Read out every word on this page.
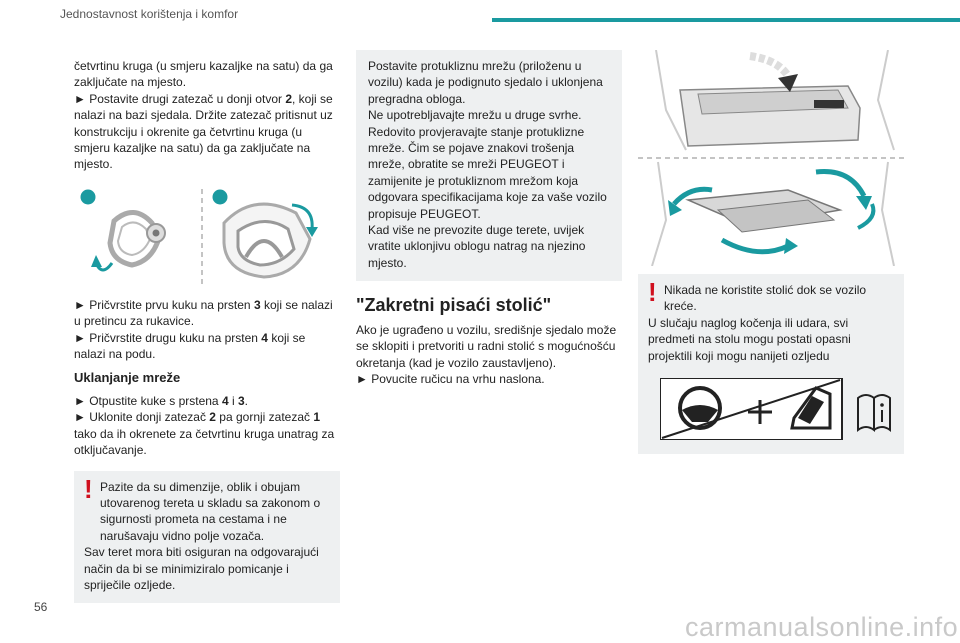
Jednostavnost korištenja i komfor

četvrtinu kruga (u smjeru kazaljke na satu) da ga zaključate na mjesto.

► Postavite drugi zatezač u donji otvor 2, koji se nalazi na bazi sjedala. Držite zatezač pritisnut uz konstrukciju i okrenite ga četvrtinu kruga (u smjeru kazaljke na satu) da ga zaključate na mjesto.

► Pričvrstite prvu kuku na prsten 3 koji se nalazi u pretincu za rukavice.

► Pričvrstite drugu kuku na prsten 4 koji se nalazi na podu.

Uklanjanje mreže

► Otpustite kuke s prstena 4 i 3.

► Uklonite donji zatezač 2 pa gornji zatezač 1 tako da ih okrenete za četvrtinu kruga unatrag za otključavanje.

! Pazite da su dimenzije, oblik i obujam utovarenog tereta u skladu sa zakonom o sigurnosti prometa na cestama i ne narušavaju vidno polje vozača.

Sav teret mora biti osiguran na odgovarajući način da bi se minimiziralo pomicanje i spriječile ozljede.

Postavite protukliznu mrežu (priloženu u vozilu) kada je podignuto sjedalo i uklonjena pregradna obloga.

Ne upotrebljavajte mrežu u druge svrhe.

Redovito provjeravajte stanje protuklizne mreže. Čim se pojave znakovi trošenja mreže, obratite se mreži PEUGEOT i zamijenite je protukliznom mrežom koja odgovara specifikacijama koje za vaše vozilo propisuje PEUGEOT.

Kad više ne prevozite duge terete, uvijek vratite uklonjivu oblogu natrag na njezino mjesto.

"Zakretni pisaći stolić"

Ako je ugrađeno u vozilu, središnje sjedalo može se sklopiti i pretvoriti u radni stolić s mogućnošću okretanja (kad je vozilo zaustavljeno).

► Povucite ručicu na vrhu naslona.

! Nikada ne koristite stolić dok se vozilo kreće.

U slučaju naglog kočenja ili udara, svi predmeti na stolu mogu postati opasni projektili koji mogu nanijeti ozljedu

56
carmanualsonline.info
